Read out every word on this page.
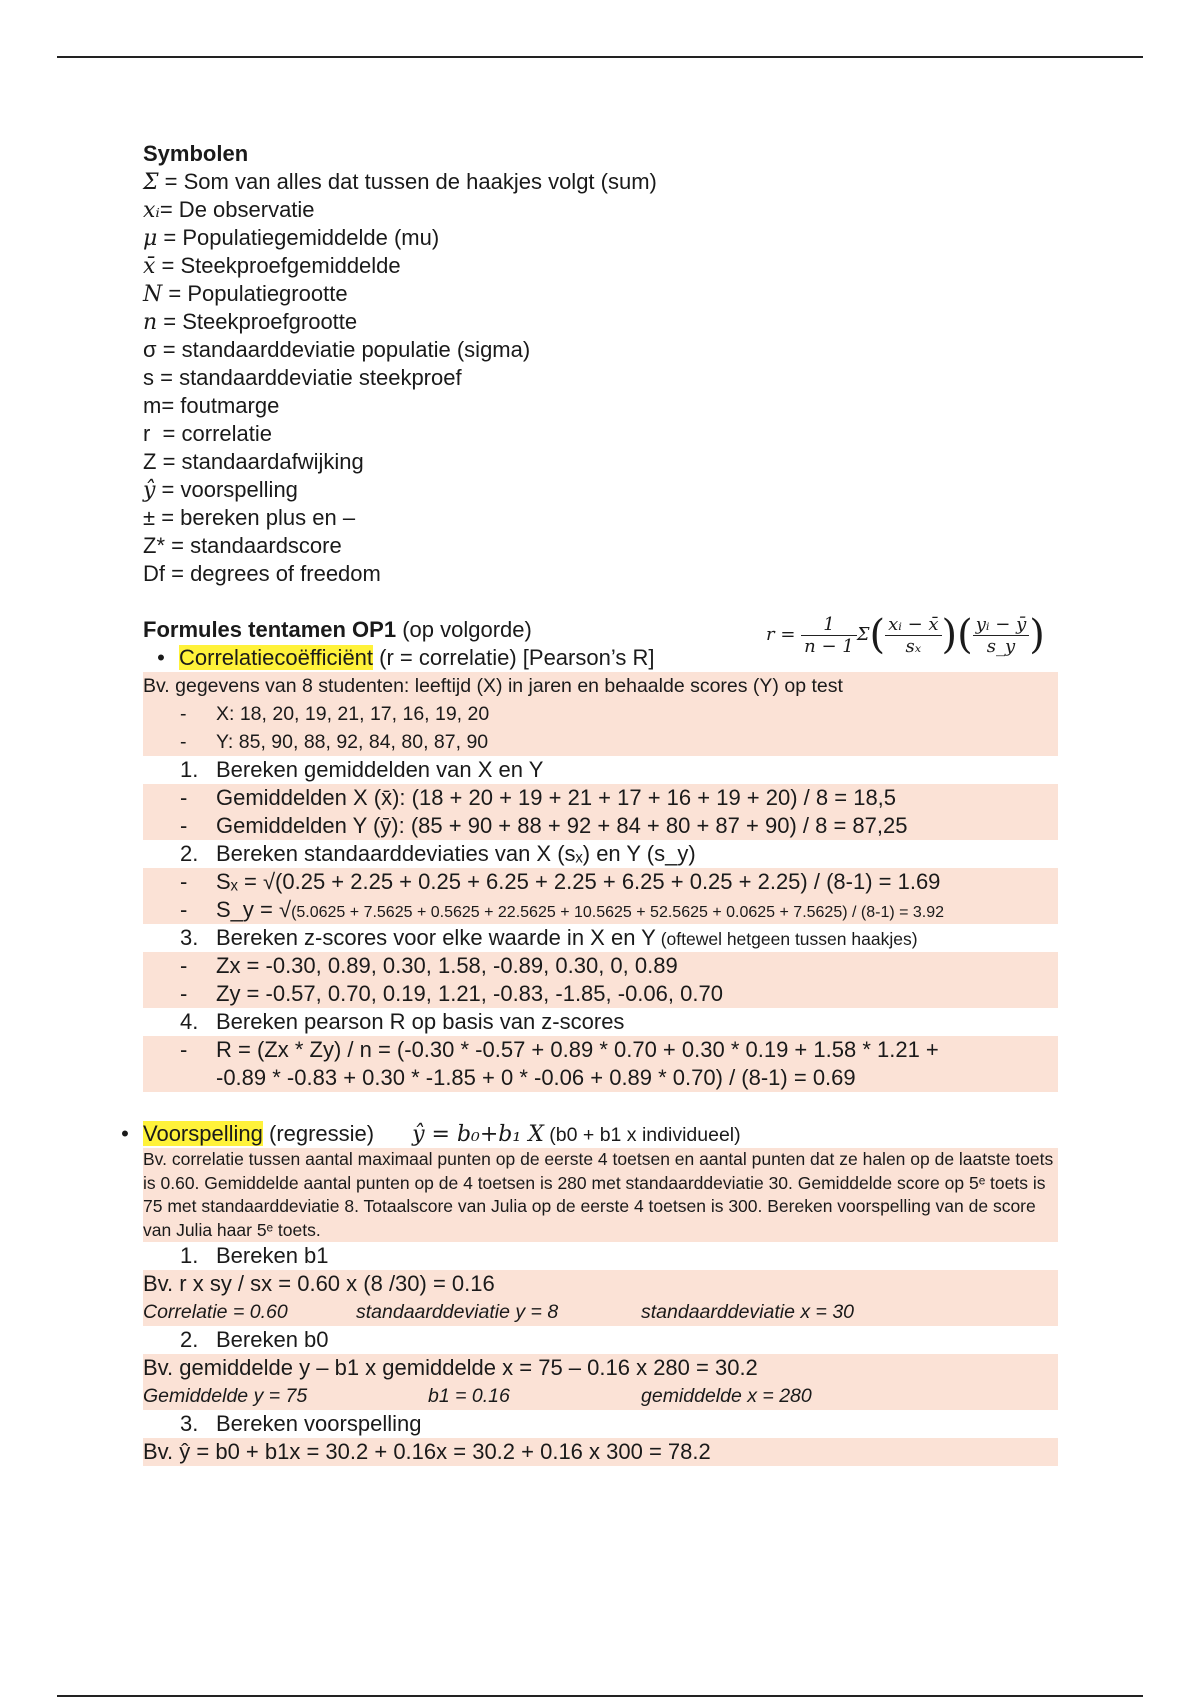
Symbolen
Σ = Som van alles dat tussen de haakjes volgt (sum)
xᵢ= De observatie
μ = Populatiegemiddelde (mu)
x̄ = Steekproefgemiddelde
N = Populatiegrootte
n = Steekproefgrootte
σ = standaarddeviatie populatie (sigma)
s = standaarddeviatie steekproef
m= foutmarge
r  = correlatie
Z = standaardafwijking
ŷ = voorspelling
± = bereken plus en –
Z* = standaardscore
Df = degrees of freedom
Formules tentamen OP1 (op volgorde)
• Correlatiecoëfficiënt (r = correlatie) [Pearson’s R]
Bv. gegevens van 8 studenten: leeftijd (X) in jaren en behaalde scores (Y) op test
- X: 18, 20, 19, 21, 17, 16, 19, 20
- Y: 85, 90, 88, 92, 84, 80, 87, 90
1. Bereken gemiddelden van X en Y
- Gemiddelden X (x̄): (18 + 20 + 19 + 21 + 17 + 16 + 19 + 20) / 8 = 18,5
- Gemiddelden Y (ȳ): (85 + 90 + 88 + 92 + 84 + 80 + 87 + 90) / 8 = 87,25
2. Bereken standaarddeviaties van X (sₓ) en Y (s_y)
- Sₓ = √(0.25 + 2.25 + 0.25 + 6.25 + 2.25 + 6.25 + 0.25 + 2.25) / (8-1) = 1.69
- S_y = √(5.0625 + 7.5625 + 0.5625 + 22.5625 + 10.5625 + 52.5625 + 0.0625 + 7.5625) / (8-1) = 3.92
3. Bereken z-scores voor elke waarde in X en Y (oftewel hetgeen tussen haakjes)
- Zx = -0.30, 0.89, 0.30, 1.58, -0.89, 0.30, 0, 0.89
- Zy = -0.57, 0.70, 0.19, 1.21, -0.83, -1.85, -0.06, 0.70
4. Bereken pearson R op basis van z-scores
- R = (Zx * Zy) / n = (-0.30 * -0.57 + 0.89 * 0.70 + 0.30 * 0.19 + 1.58 * 1.21 +
-0.89 * -0.83 + 0.30 * -1.85 + 0 * -0.06 + 0.89 * 0.70) / (8-1) = 0.69
• Voorspelling (regressie) ŷ = b₀+b₁ X (b0 + b1 x individueel)
Bv. correlatie tussen aantal maximaal punten op de eerste 4 toetsen en aantal punten dat ze halen op de laatste toets is 0.60. Gemiddelde aantal punten op de 4 toetsen is 280 met standaarddeviatie 30. Gemiddelde score op 5ᵉ toets is 75 met standaarddeviatie 8. Totaalscore van Julia op de eerste 4 toetsen is 300. Bereken voorspelling van de score van Julia haar 5ᵉ toets.
1. Bereken b1
Bv. r x sy / sx = 0.60 x (8 /30) = 0.16
Correlatie = 0.60	standaarddeviatie y = 8	standaarddeviatie x = 30
2. Bereken b0
Bv. gemiddelde y – b1 x gemiddelde x = 75 – 0.16 x 280 = 30.2
Gemiddelde y = 75	b1 = 0.16	gemiddelde x = 280
3. Bereken voorspelling
Bv. ŷ = b0 + b1x = 30.2 + 0.16x = 30.2 + 0.16 x 300 = 78.2
$r = \frac{1}{n - 1} \Sigma( \frac{\text{xᵢ − x̄}}{\text{sₓ}}$ )( $\frac{\text{yᵢ − ȳ}}{s\_y}$ )
